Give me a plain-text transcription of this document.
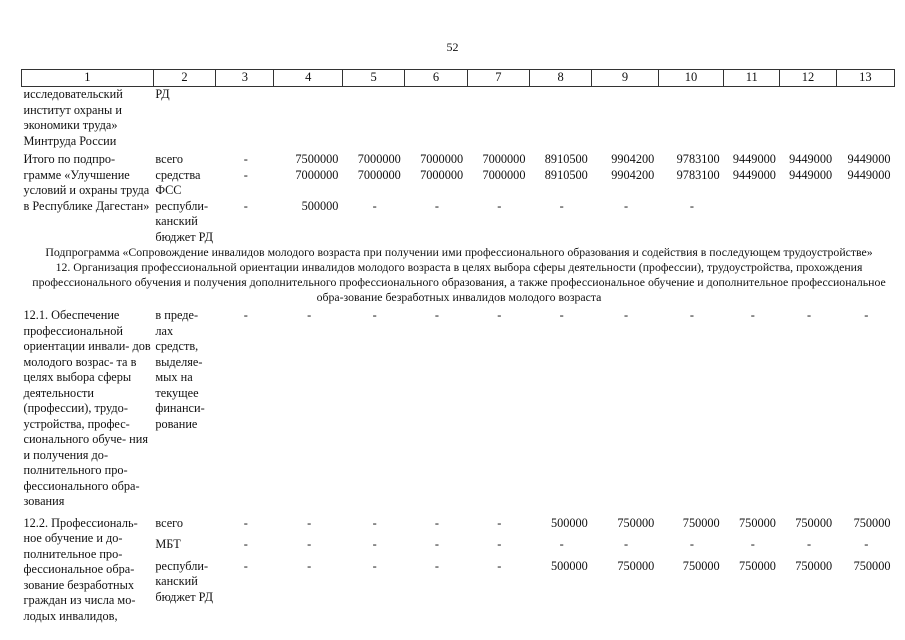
52
1	2	3	4	5	6	7	8	9	10	11	12	13
исследовательский институт охраны и экономики труда» Минтруда России	РД											

Итого по подпро- грамме «Улучшение условий и охраны труда в Республике Дагестан»	всего	-	7500000	7000000	7000000	7000000	8910500	9904200	9783100	9449000	9449000	9449000
	средства ФСС	-	7000000	7000000	7000000	7000000	8910500	9904200	9783100	9449000	9449000	9449000
	республи- канский бюджет РД	-	500000	-	-	-	-	-	-			
Подпрограмма «Сопровождение инвалидов молодого возраста при получении ими профессионального образования и содействия в последующем трудоустройстве»												
12. Организация профессиональной ориентации инвалидов молодого возраста в целях выбора сферы деятельности (профессии), трудоустройства, прохождения профессионального обучения и получения дополнительного профессионального образования, а также профессиональное обучение и дополнительное профессиональное обра-зование безработных инвалидов молодого возраста												

12.1. Обеспечение профессиональной ориентации инвали- дов молодого возрас- та в целях выбора сферы деятельности (профессии), трудо- устройства, профес- сионального обуче- ния и получения до- полнительного про- фессионального обра- зования	в преде- лах средств, выделяе- мых на текущее финанси- рование	-	-	-	-	-	-	-	-	-	-	-

12.2. Профессиональ- ное обучение и до- полнительное про- фессиональное обра- зование безработных граждан из числа мо- лодых инвалидов,	всего	-	-	-	-	-	500000	750000	750000	750000	750000	750000
	МБТ	-	-	-	-	-	-	-	-	-	-	-
	республи- канский бюджет РД	-	-	-	-	-	500000	750000	750000	750000	750000	750000
